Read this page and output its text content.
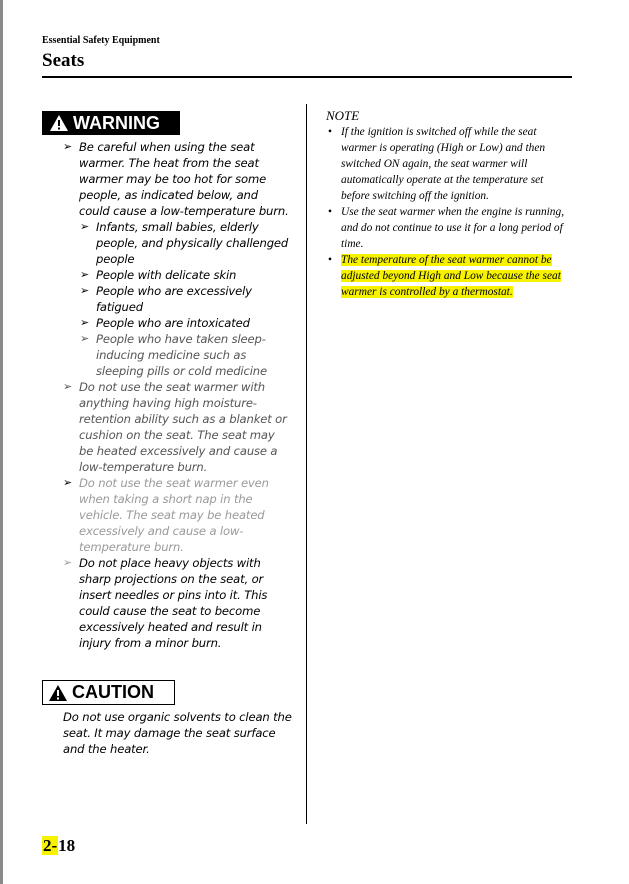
Essential Safety Equipment
Seats
WARNING
➢ Be careful when using the seat warmer. The heat from the seat warmer may be too hot for some people, as indicated below, and could cause a low-temperature burn.
➢ Infants, small babies, elderly people, and physically challenged people
➢ People with delicate skin
➢ People who are excessively fatigued
➢ People who are intoxicated
➢ People who have taken sleep-inducing medicine such as sleeping pills or cold medicine
➢ Do not use the seat warmer with anything having high moisture-retention ability such as a blanket or cushion on the seat. The seat may be heated excessively and cause a low-temperature burn.
➢ Do not use the seat warmer even when taking a short nap in the vehicle. The seat may be heated excessively and cause a low-temperature burn.
➢ Do not place heavy objects with sharp projections on the seat, or insert needles or pins into it. This could cause the seat to become excessively heated and result in injury from a minor burn.
CAUTION
Do not use organic solvents to clean the seat. It may damage the seat surface and the heater.
NOTE
• If the ignition is switched off while the seat warmer is operating (High or Low) and then switched ON again, the seat warmer will automatically operate at the temperature set before switching off the ignition.
• Use the seat warmer when the engine is running, and do not continue to use it for a long period of time.
• The temperature of the seat warmer cannot be adjusted beyond High and Low because the seat warmer is controlled by a thermostat.
2-18
